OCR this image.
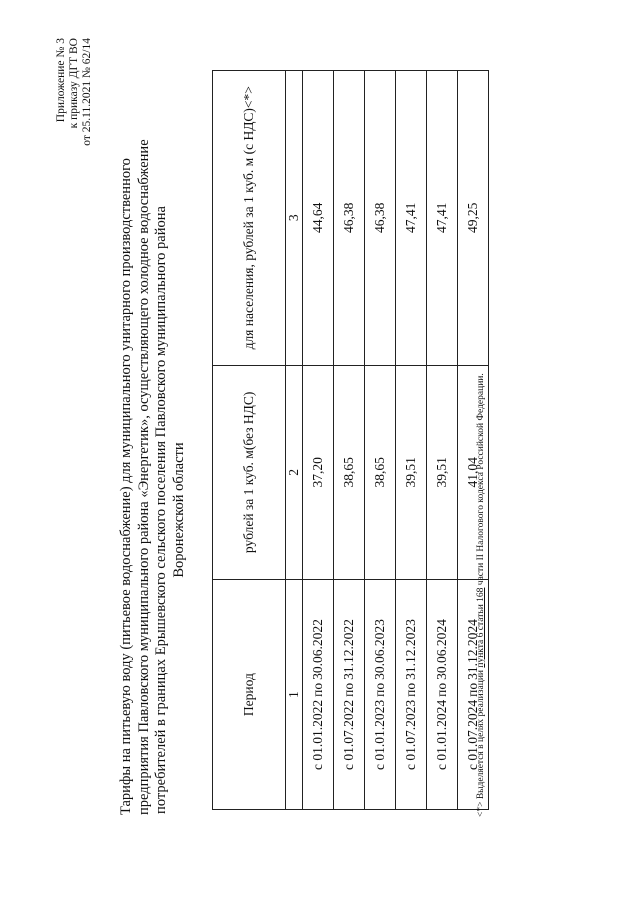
Приложение № 3 к приказу ДГТ ВО от 25.11.2021 № 62/14
Тарифы на питьевую воду (питьевое водоснабжение) для муниципального унитарного производственного предприятия Павловского муниципального района «Энергетик», осуществляющего холодное водоснабжение потребителей в границах Ерышевского сельского поселения Павловского муниципального района Воронежской области
Период	рублей за 1 куб. м(без НДС)	для населения, рублей за 1 куб. м (с НДС)<*>
1	2	3
с 01.01.2022по30.06.2022	37,20	44,64
с 01.07.2022по31.12.2022	38,65	46,38
с 01.01.2023по30.06.2023	38,65	46,38
с 01.07.2023по31.12.2023	39,51	47,41
с 01.01.2024по30.06.2024	39,51	47,41
с 01.07.2024по31.12.2024	41,04	49,25
<*> Выделяется в целях реализации пункта 6 статьи 168 части II Налогового кодекса Российской Федерации.
